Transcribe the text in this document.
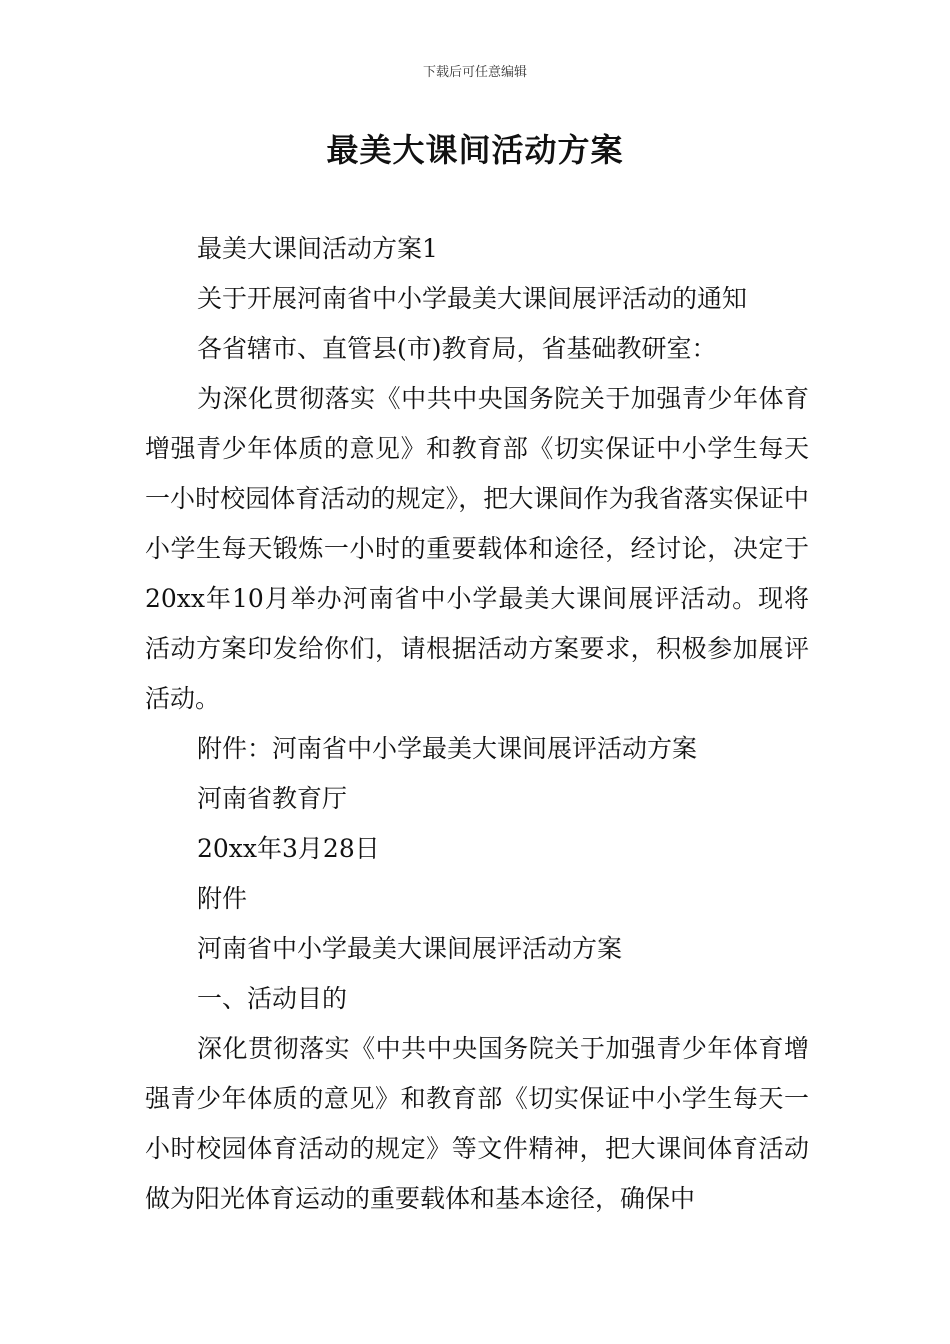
下载后可任意编辑
最美大课间活动方案

最美大课间活动方案1

关于开展河南省中小学最美大课间展评活动的通知

各省辖市、直管县(市)教育局，省基础教研室：

为深化贯彻落实《中共中央国务院关于加强青少年体育增强青少年体质的意见》和教育部《切实保证中小学生每天一小时校园体育活动的规定》，把大课间作为我省落实保证中小学生每天锻炼一小时的重要载体和途径，经讨论，决定于20xx年10月举办河南省中小学最美大课间展评活动。现将活动方案印发给你们，请根据活动方案要求，积极参加展评活动。

附件：河南省中小学最美大课间展评活动方案

河南省教育厅

20xx年3月28日

附件

河南省中小学最美大课间展评活动方案

一、活动目的

深化贯彻落实《中共中央国务院关于加强青少年体育增强青少年体质的意见》和教育部《切实保证中小学生每天一小时校园体育活动的规定》等文件精神，把大课间体育活动做为阳光体育运动的重要载体和基本途径，确保中
